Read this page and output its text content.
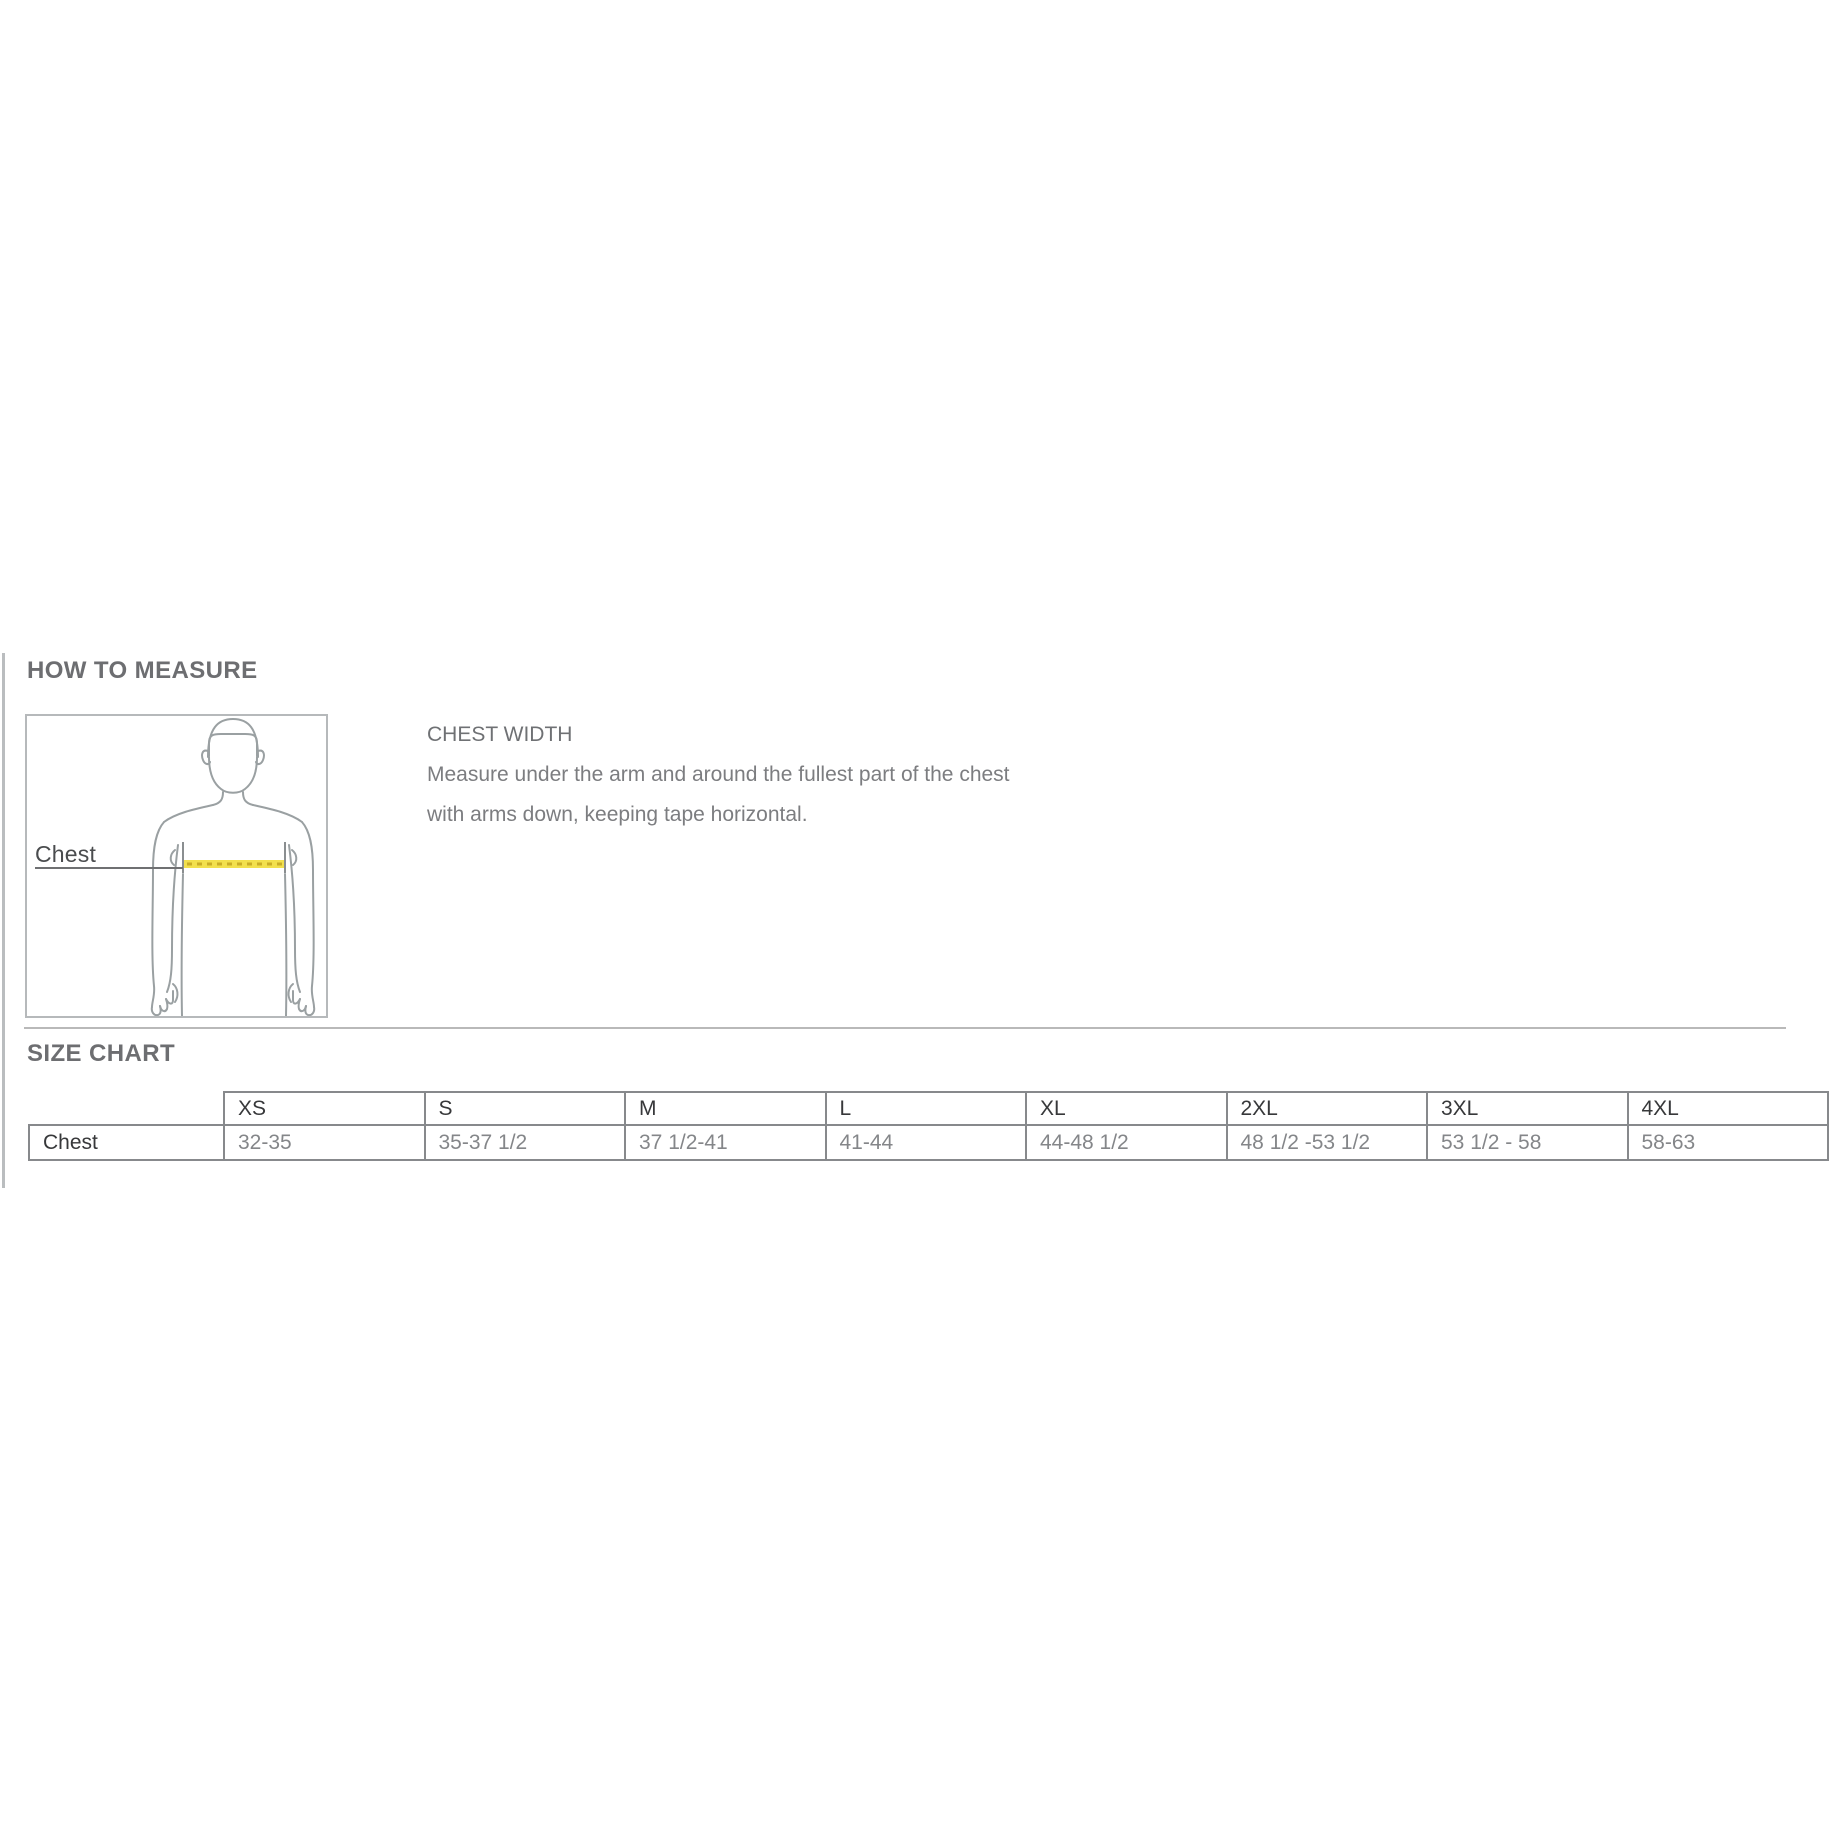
HOW TO MEASURE
Chest
CHEST WIDTH
Measure under the arm and around the fullest part of the chest
with arms down, keeping tape horizontal.
SIZE CHART
	XS	S	M	L	XL	2XL	3XL	4XL
Chest	32-35	35-37 1/2	37 1/2-41	41-44	44-48 1/2	48 1/2 -53 1/2	53 1/2 - 58	58-63
